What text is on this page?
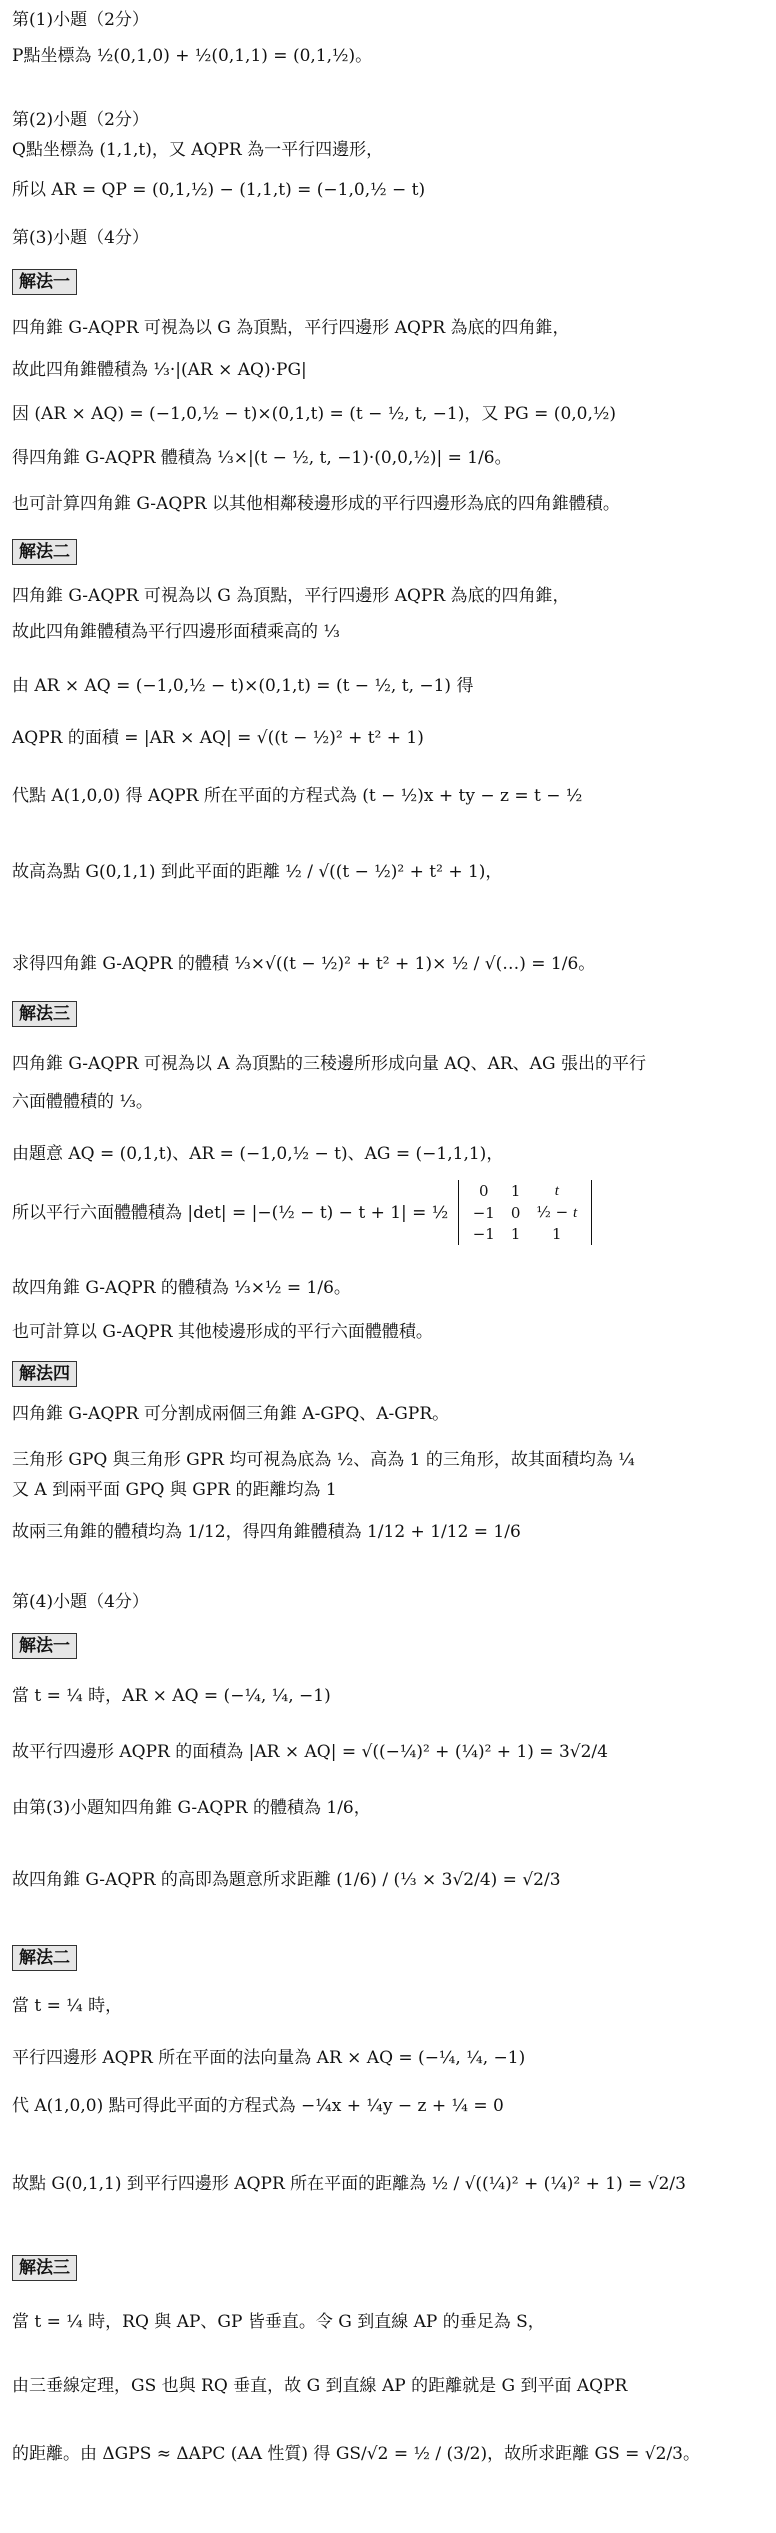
第(1)小題（2分）
P點坐標為 ½(0,1,0) + ½(0,1,1) = (0,1,½)。
第(2)小題（2分）
Q點坐標為 (1,1,t)，又 AQPR 為一平行四邊形，
所以 AR = QP = (0,1,½) − (1,1,t) = (−1,0,½ − t)
第(3)小題（4分）
解法一
四角錐 G-AQPR 可視為以 G 為頂點，平行四邊形 AQPR 為底的四角錐，
故此四角錐體積為 ⅓·|(AR × AQ)·PG|
因 (AR × AQ) = (−1,0,½ − t)×(0,1,t) = (t − ½, t, −1)，又 PG = (0,0,½)
得四角錐 G-AQPR 體積為 ⅓×|(t − ½, t, −1)·(0,0,½)| = 1/6。
也可計算四角錐 G-AQPR 以其他相鄰稜邊形成的平行四邊形為底的四角錐體積。
解法二
四角錐 G-AQPR 可視為以 G 為頂點，平行四邊形 AQPR 為底的四角錐，
故此四角錐體積為平行四邊形面積乘高的 ⅓
由 AR × AQ = (−1,0,½ − t)×(0,1,t) = (t − ½, t, −1) 得
AQPR 的面積 = |AR × AQ| = √((t − ½)² + t² + 1)
代點 A(1,0,0) 得 AQPR 所在平面的方程式為 (t − ½)x + ty − z = t − ½
故高為點 G(0,1,1) 到此平面的距離 ½ / √((t − ½)² + t² + 1)，
求得四角錐 G-AQPR 的體積 ⅓×√((t − ½)² + t² + 1)× ½ / √(…) = 1/6。
解法三
四角錐 G-AQPR 可視為以 A 為頂點的三稜邊所形成向量 AQ、AR、AG 張出的平行
六面體體積的 ⅓。
由題意 AQ = (0,1,t)、AR = (−1,0,½ − t)、AG = (−1,1,1)，
所以平行六面體體積為 |det| = |−(½ − t) − t + 1| = ½
0	1	t
−1	0	½ − t
−1	1	1
故四角錐 G-AQPR 的體積為 ⅓×½ = 1/6。
也可計算以 G-AQPR 其他棱邊形成的平行六面體體積。
解法四
四角錐 G-AQPR 可分割成兩個三角錐 A-GPQ、A-GPR。
三角形 GPQ 與三角形 GPR 均可視為底為 ½、高為 1 的三角形，故其面積均為 ¼
又 A 到兩平面 GPQ 與 GPR 的距離均為 1
故兩三角錐的體積均為 1/12，得四角錐體積為 1/12 + 1/12 = 1/6
第(4)小題（4分）
解法一
當 t = ¼ 時，AR × AQ = (−¼, ¼, −1)
故平行四邊形 AQPR 的面積為 |AR × AQ| = √((−¼)² + (¼)² + 1) = 3√2/4
由第(3)小題知四角錐 G-AQPR 的體積為 1/6，
故四角錐 G-AQPR 的高即為題意所求距離 (1/6) / (⅓ × 3√2/4) = √2/3
解法二
當 t = ¼ 時，
平行四邊形 AQPR 所在平面的法向量為 AR × AQ = (−¼, ¼, −1)
代 A(1,0,0) 點可得此平面的方程式為 −¼x + ¼y − z + ¼ = 0
故點 G(0,1,1) 到平行四邊形 AQPR 所在平面的距離為 ½ / √((¼)² + (¼)² + 1) = √2/3
解法三
當 t = ¼ 時，RQ 與 AP、GP 皆垂直。令 G 到直線 AP 的垂足為 S，
由三垂線定理，GS 也與 RQ 垂直，故 G 到直線 AP 的距離就是 G 到平面 AQPR
的距離。由 ΔGPS ≈ ΔAPC (AA 性質) 得 GS/√2 = ½ / (3/2)，故所求距離 GS = √2/3。
